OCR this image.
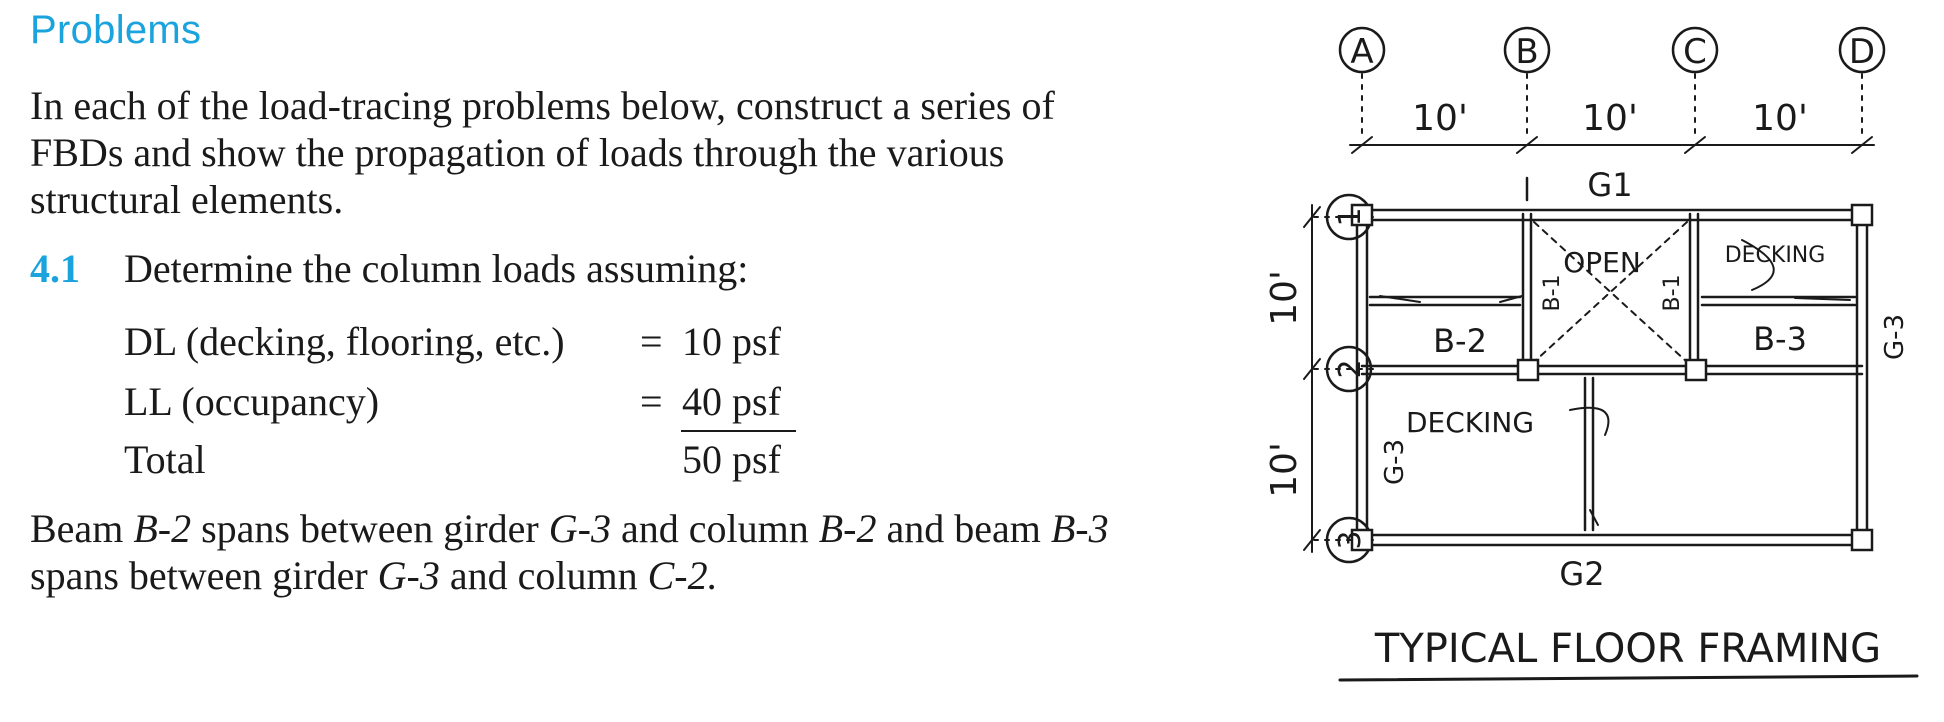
Problems

In each of the load-tracing problems below, construct a series of FBDs and show the propagation of loads through the various structural elements.

4.1 Determine the column loads assuming:
DL (decking, flooring, etc.) = 10 psf
LL (occupancy)	= 40 psf
Total	50 psf

Beam B-2 spans between girder G-3 and column B-2 and beam B-3 spans between girder G-3 and column C-2.

A	B	C	D
1
2
3
10'	10'	10'
10'
10'
G1
G2
B-2	B-3
OPEN	DECKING
DECKING
G-3
G-3
B-1	B-1
TYPICAL FLOOR FRAMING
